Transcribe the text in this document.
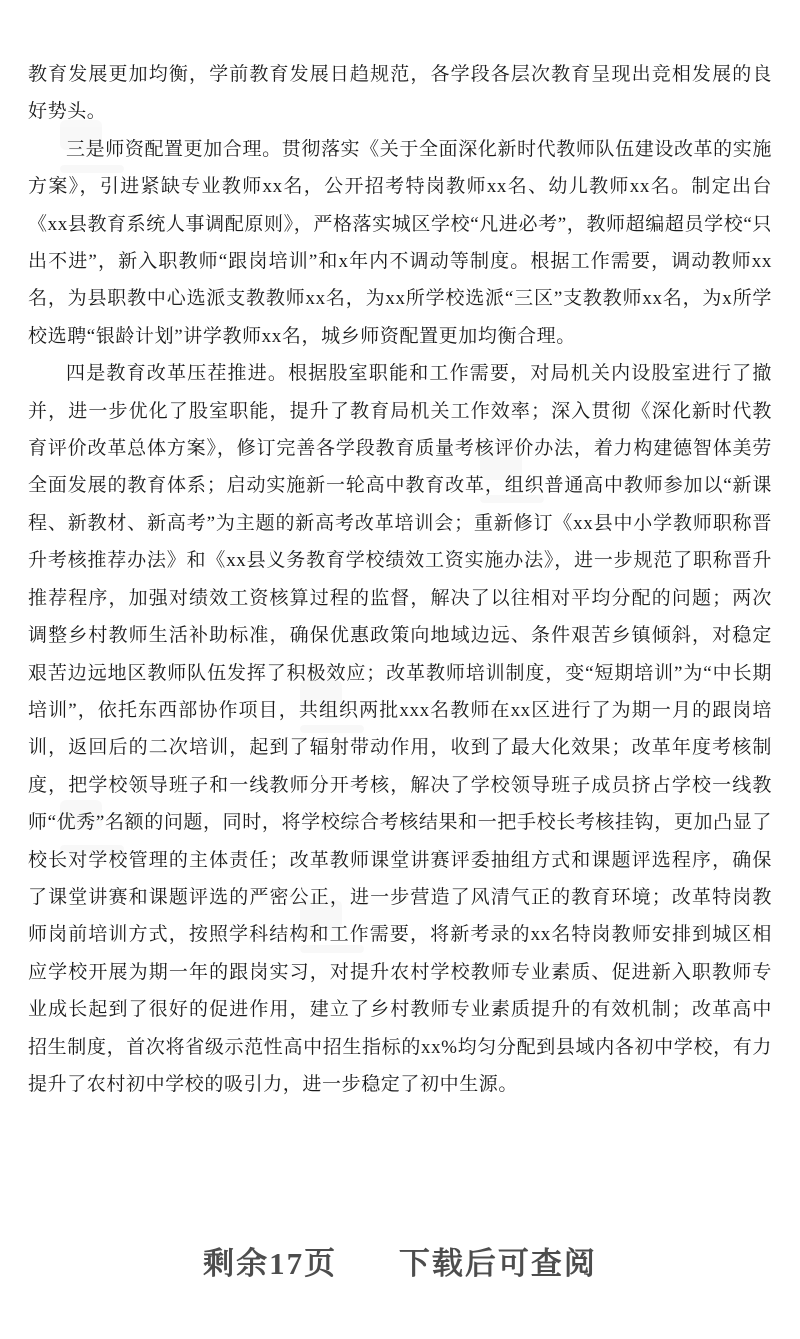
教育发展更加均衡，学前教育发展日趋规范，各学段各层次教育呈现出竞相发展的良好势头。

三是师资配置更加合理。贯彻落实《关于全面深化新时代教师队伍建设改革的实施方案》，引进紧缺专业教师xx名，公开招考特岗教师xx名、幼儿教师xx名。制定出台《xx县教育系统人事调配原则》，严格落实城区学校“凡进必考”，教师超编超员学校“只出不进”，新入职教师“跟岗培训”和x年内不调动等制度。根据工作需要，调动教师xx名，为县职教中心选派支教教师xx名，为xx所学校选派“三区”支教教师xx名，为x所学校选聘“银龄计划”讲学教师xx名，城乡师资配置更加均衡合理。

四是教育改革压茬推进。根据股室职能和工作需要，对局机关内设股室进行了撤并，进一步优化了股室职能，提升了教育局机关工作效率；深入贯彻《深化新时代教育评价改革总体方案》，修订完善各学段教育质量考核评价办法，着力构建德智体美劳全面发展的教育体系；启动实施新一轮高中教育改革，组织普通高中教师参加以“新课程、新教材、新高考”为主题的新高考改革培训会；重新修订《xx县中小学教师职称晋升考核推荐办法》和《xx县义务教育学校绩效工资实施办法》，进一步规范了职称晋升推荐程序，加强对绩效工资核算过程的监督，解决了以往相对平均分配的问题；两次调整乡村教师生活补助标准，确保优惠政策向地域边远、条件艰苦乡镇倾斜，对稳定艰苦边远地区教师队伍发挥了积极效应；改革教师培训制度，变“短期培训”为“中长期培训”，依托东西部协作项目，共组织两批xxx名教师在xx区进行了为期一月的跟岗培训，返回后的二次培训，起到了辐射带动作用，收到了最大化效果；改革年度考核制度，把学校领导班子和一线教师分开考核，解决了学校领导班子成员挤占学校一线教师“优秀”名额的问题，同时，将学校综合考核结果和一把手校长考核挂钩，更加凸显了校长对学校管理的主体责任；改革教师课堂讲赛评委抽组方式和课题评选程序，确保了课堂讲赛和课题评选的严密公正，进一步营造了风清气正的教育环境；改革特岗教师岗前培训方式，按照学科结构和工作需要，将新考录的xx名特岗教师安排到城区相应学校开展为期一年的跟岗实习，对提升农村学校教师专业素质、促进新入职教师专业成长起到了很好的促进作用，建立了乡村教师专业素质提升的有效机制；改革高中招生制度，首次将省级示范性高中招生指标的xx%均匀分配到县域内各初中学校，有力提升了农村初中学校的吸引力，进一步稳定了初中生源。

剩余17页 下载后可查阅
